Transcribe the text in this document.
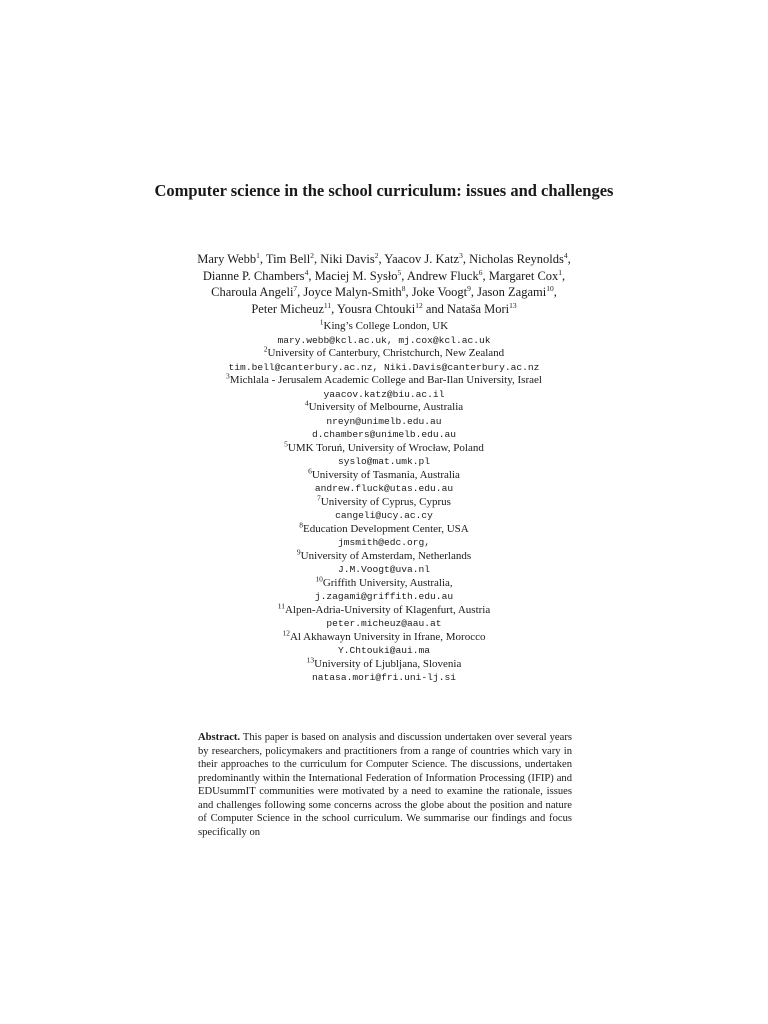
Computer science in the school curriculum: issues and challenges
Mary Webb$^1$, Tim Bell$^2$, Niki Davis$^2$, Yaacov J. Katz$^3$, Nicholas Reynolds$^4$, Dianne P. Chambers$^4$, Maciej M. Sysło$^5$, Andrew Fluck$^6$, Margaret Cox$^1$, Charoula Angeli$^7$, Joyce Malyn-Smith$^8$, Joke Voogt$^9$, Jason Zagami$^{10}$, Peter Micheuz$^{11}$, Yousra Chtouki$^{12}$ and Nataša Mori$^{13}$
$^1$King’s College London, UK
mary.webb@kcl.ac.uk, mj.cox@kcl.ac.uk
$^2$University of Canterbury, Christchurch, New Zealand
tim.bell@canterbury.ac.nz, Niki.Davis@canterbury.ac.nz
$^3$Michlala - Jerusalem Academic College and Bar-Ilan University, Israel
yaacov.katz@biu.ac.il
$^4$University of Melbourne, Australia
nreyn@unimelb.edu.au
d.chambers@unimelb.edu.au
$^5$UMK Toruń, University of Wrocław, Poland
syslo@mat.umk.pl
$^6$University of Tasmania, Australia
andrew.fluck@utas.edu.au
$^7$University of Cyprus, Cyprus
cangeli@ucy.ac.cy
$^8$Education Development Center, USA
jmsmith@edc.org,
$^9$University of Amsterdam, Netherlands
J.M.Voogt@uva.nl
$^{10}$Griffith University, Australia,
j.zagami@griffith.edu.au
$^{11}$Alpen-Adria-University of Klagenfurt, Austria
peter.micheuz@aau.at
$^{12}$Al Akhawayn University in Ifrane, Morocco
Y.Chtouki@aui.ma
$^{13}$University of Ljubljana, Slovenia
natasa.mori@fri.uni-lj.si
Abstract. This paper is based on analysis and discussion undertaken over several years by researchers, policymakers and practitioners from a range of countries which vary in their approaches to the curriculum for Computer Science. The discussions, undertaken predominantly within the International Federation of Information Processing (IFIP) and EDUsummIT communities were motivated by a need to examine the rationale, issues and challenges following some concerns across the globe about the position and nature of Computer Science in the school curriculum. We summarise our findings and focus specifically on
